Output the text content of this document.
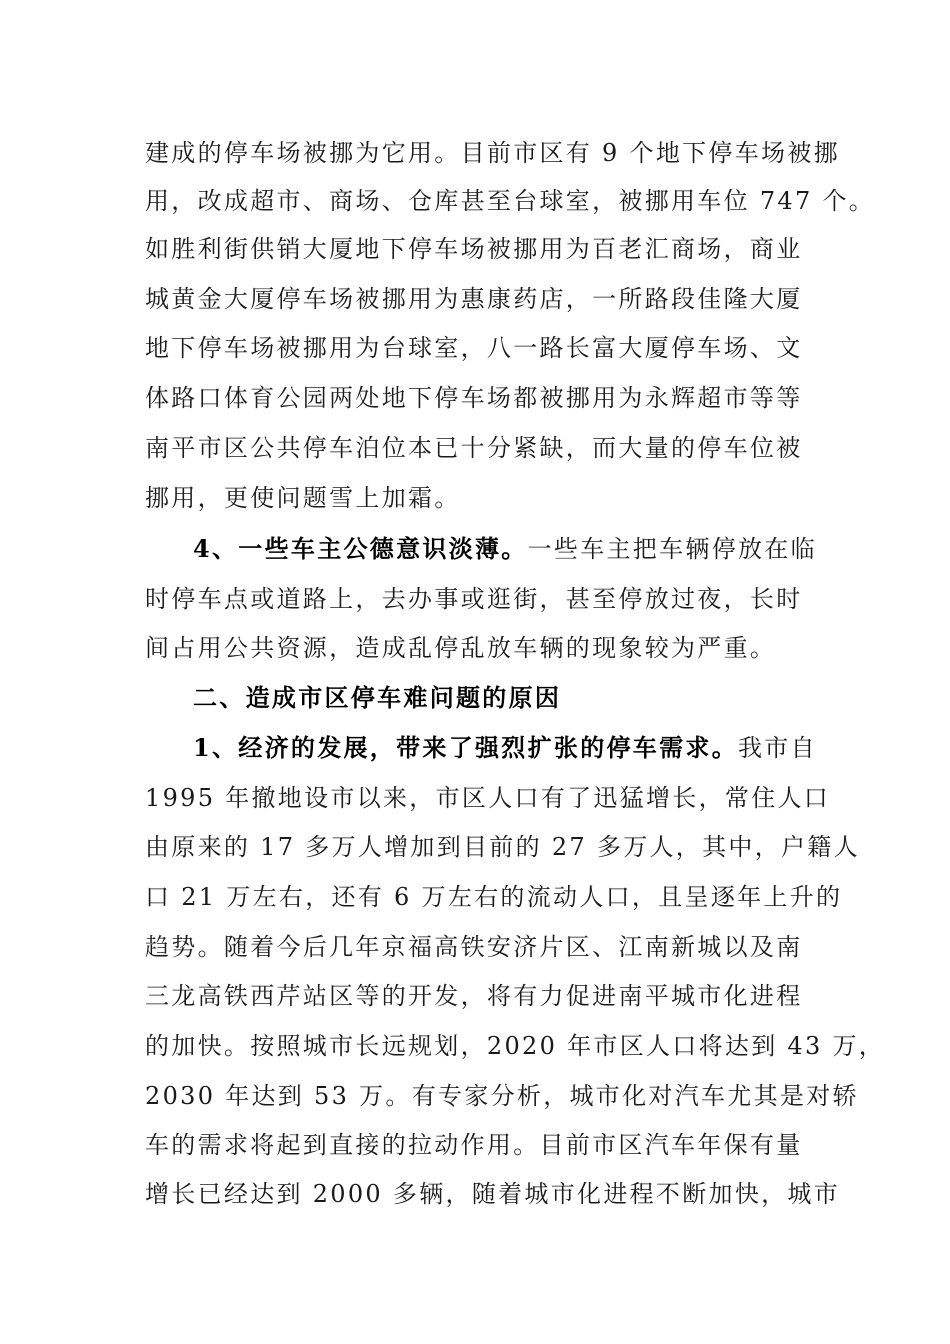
建成的停车场被挪为它用。目前市区有 9 个地下停车场被挪
用，改成超市、商场、仓库甚至台球室，被挪用车位 747 个。
如胜利街供销大厦地下停车场被挪用为百老汇商场，商业
城黄金大厦停车场被挪用为惠康药店，一所路段佳隆大厦
地下停车场被挪用为台球室，八一路长富大厦停车场、文
体路口体育公园两处地下停车场都被挪用为永辉超市等等
南平市区公共停车泊位本已十分紧缺，而大量的停车位被
挪用，更使问题雪上加霜。
4、一些车主公德意识淡薄。一些车主把车辆停放在临
时停车点或道路上，去办事或逛街，甚至停放过夜，长时
间占用公共资源，造成乱停乱放车辆的现象较为严重。
二、造成市区停车难问题的原因
1、经济的发展，带来了强烈扩张的停车需求。我市自
1995 年撤地设市以来，市区人口有了迅猛增长，常住人口
由原来的 17 多万人增加到目前的 27 多万人，其中，户籍人
口 21 万左右，还有 6 万左右的流动人口，且呈逐年上升的
趋势。随着今后几年京福高铁安济片区、江南新城以及南
三龙高铁西芹站区等的开发，将有力促进南平城市化进程
的加快。按照城市长远规划，2020 年市区人口将达到 43 万，
2030 年达到 53 万。有专家分析，城市化对汽车尤其是对轿
车的需求将起到直接的拉动作用。目前市区汽车年保有量
增长已经达到 2000 多辆，随着城市化进程不断加快，城市
